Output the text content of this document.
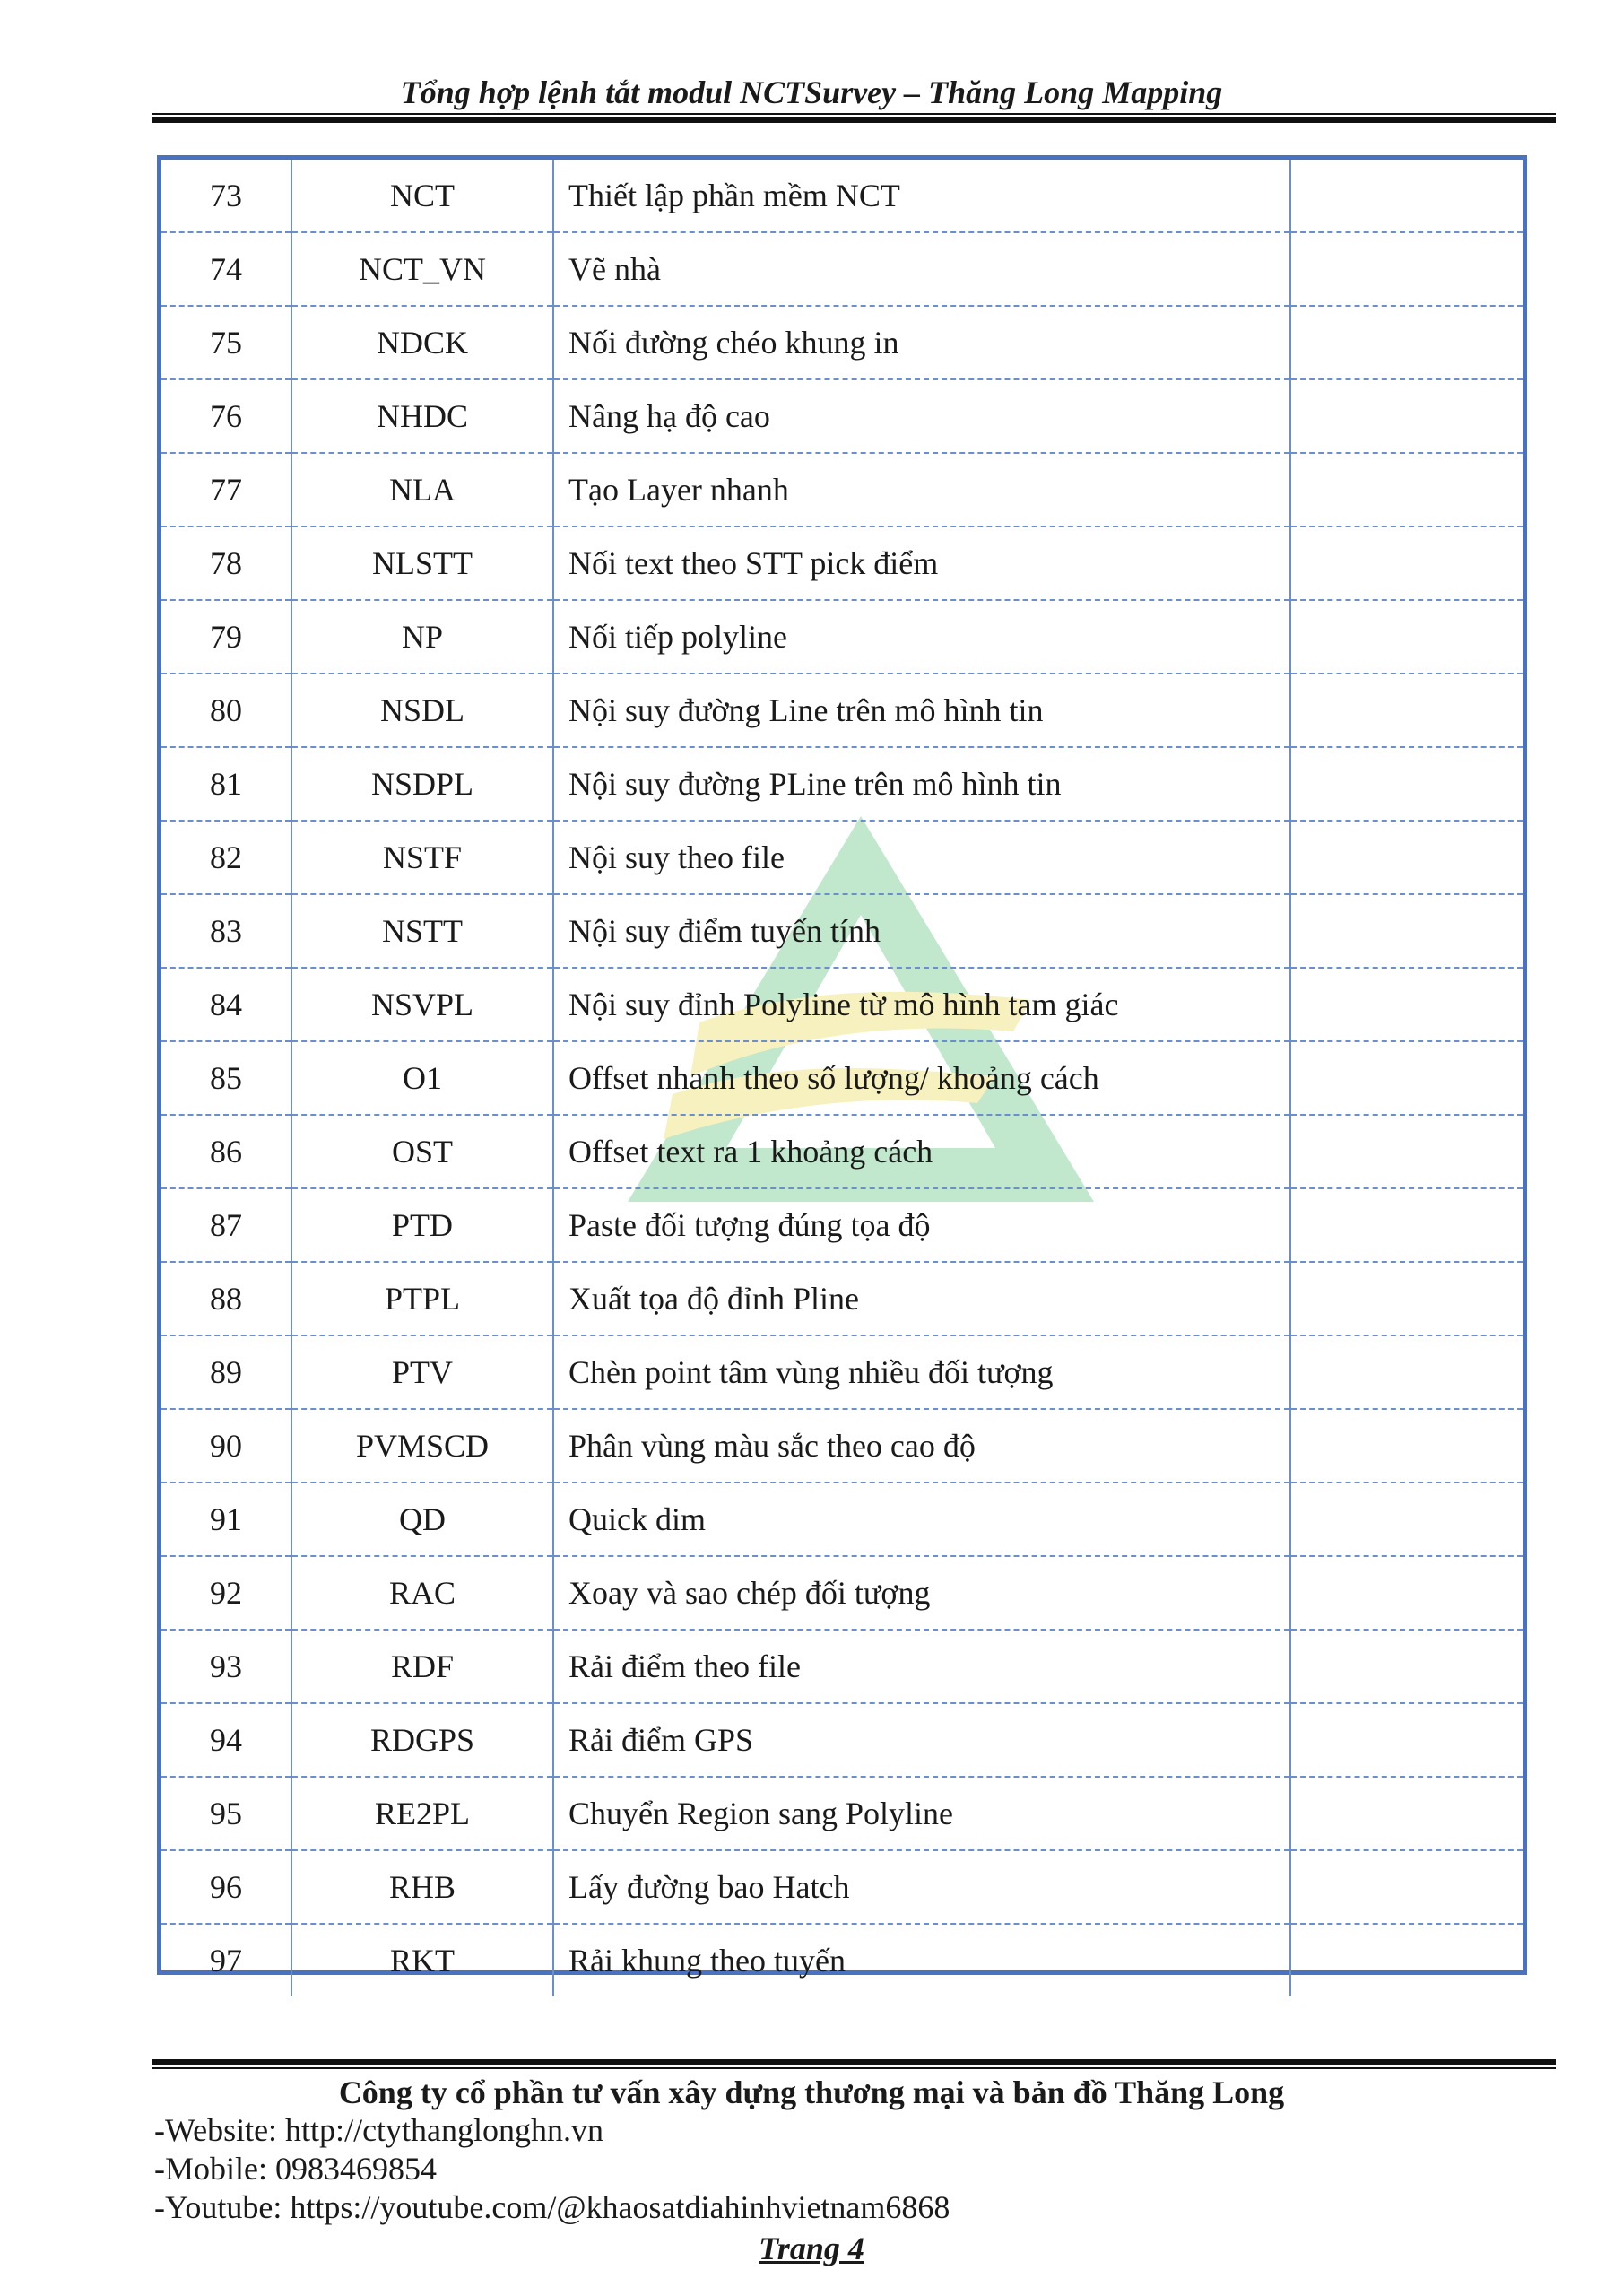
Tổng hợp lệnh tắt modul NCTSurvey – Thăng Long Mapping
73	NCT	Thiết lập phần mềm NCT	
74	NCT_VN	Vẽ nhà	
75	NDCK	Nối đường chéo khung in	
76	NHDC	Nâng hạ độ cao	
77	NLA	Tạo Layer nhanh	
78	NLSTT	Nối text theo STT pick điểm	
79	NP	Nối tiếp polyline	
80	NSDL	Nội suy đường Line trên mô hình tin	
81	NSDPL	Nội suy đường PLine trên mô hình tin	
82	NSTF	Nội suy theo file	
83	NSTT	Nội suy điểm tuyến tính	
84	NSVPL	Nội suy đỉnh Polyline từ mô hình tam giác	
85	O1	Offset nhanh theo số lượng/ khoảng cách	
86	OST	Offset text ra 1 khoảng cách	
87	PTD	Paste đối tượng đúng tọa độ	
88	PTPL	Xuất tọa độ đỉnh Pline	
89	PTV	Chèn point tâm vùng nhiều đối tượng	
90	PVMSCD	Phân vùng màu sắc theo cao độ	
91	QD	Quick dim	
92	RAC	Xoay và sao chép đối tượng	
93	RDF	Rải điểm theo file	
94	RDGPS	Rải điểm GPS	
95	RE2PL	Chuyển Region sang Polyline	
96	RHB	Lấy đường bao Hatch	
97	RKT	Rải khung theo tuyến	
Công ty cổ phần tư vấn xây dựng thương mại và bản đồ Thăng Long
-Website: http://ctythanglonghn.vn
-Mobile: 0983469854
-Youtube: https://youtube.com/@khaosatdiahinhvietnam6868
Trang 4
